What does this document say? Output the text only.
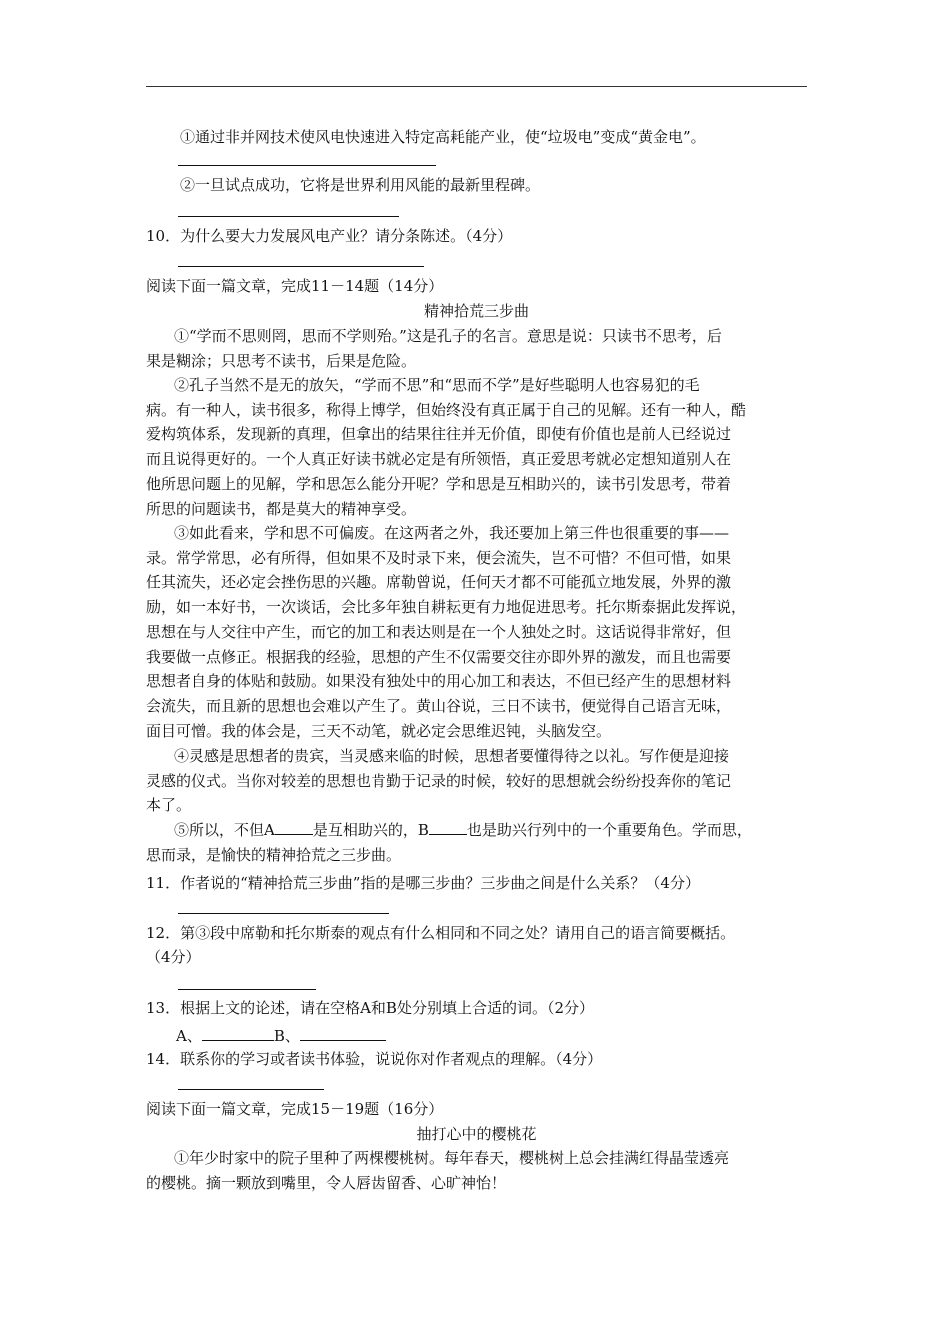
①通过非并网技术使风电快速进入特定高耗能产业，使“垃圾电”变成“黄金电”。
②一旦试点成功，它将是世界利用风能的最新里程碑。
10．为什么要大力发展风电产业？请分条陈述。（4分）
阅读下面一篇文章，完成11－14题（14分）
精神拾荒三步曲
①“学而不思则罔，思而不学则殆。”这是孔子的名言。意思是说：只读书不思考，后
果是糊涂；只思考不读书，后果是危险。
②孔子当然不是无的放矢，“学而不思”和“思而不学”是好些聪明人也容易犯的毛
病。有一种人，读书很多，称得上博学，但始终没有真正属于自己的见解。还有一种人，酷
爱构筑体系，发现新的真理，但拿出的结果往往并无价值，即使有价值也是前人已经说过
而且说得更好的。一个人真正好读书就必定是有所领悟，真正爱思考就必定想知道别人在
他所思问题上的见解，学和思怎么能分开呢？学和思是互相助兴的，读书引发思考，带着
所思的问题读书，都是莫大的精神享受。
③如此看来，学和思不可偏废。在这两者之外，我还要加上第三件也很重要的事——
录。常学常思，必有所得，但如果不及时录下来，便会流失，岂不可惜？不但可惜，如果
任其流失，还必定会挫伤思的兴趣。席勒曾说，任何天才都不可能孤立地发展，外界的激
励，如一本好书，一次谈话，会比多年独自耕耘更有力地促进思考。托尔斯泰据此发挥说，
思想在与人交往中产生，而它的加工和表达则是在一个人独处之时。这话说得非常好，但
我要做一点修正。根据我的经验，思想的产生不仅需要交往亦即外界的激发，而且也需要
思想者自身的体贴和鼓励。如果没有独处中的用心加工和表达，不但已经产生的思想材料
会流失，而且新的思想也会难以产生了。黄山谷说，三日不读书，便觉得自己语言无味，
面目可憎。我的体会是，三天不动笔，就必定会思维迟钝，头脑发空。
④灵感是思想者的贵宾，当灵感来临的时候，思想者要懂得待之以礼。写作便是迎接
灵感的仪式。当你对较差的思想也肯勤于记录的时候，较好的思想就会纷纷投奔你的笔记
本了。
⑤所以，不但A	是互相助兴的，B	也是助兴行列中的一个重要角色。学而思，
思而录，是愉快的精神拾荒之三步曲。
11．作者说的“精神拾荒三步曲”指的是哪三步曲？三步曲之间是什么关系？（4分）
12．第③段中席勒和托尔斯泰的观点有什么相同和不同之处？请用自己的语言简要概括。
（4分）
13．根据上文的论述，请在空格A和B处分别填上合适的词。（2分）
A、	B、
14．联系你的学习或者读书体验，说说你对作者观点的理解。（4分）
阅读下面一篇文章，完成15－19题（16分）
抽打心中的樱桃花
①年少时家中的院子里种了两棵樱桃树。每年春天，樱桃树上总会挂满红得晶莹透亮
的樱桃。摘一颗放到嘴里，令人唇齿留香、心旷神怡！
